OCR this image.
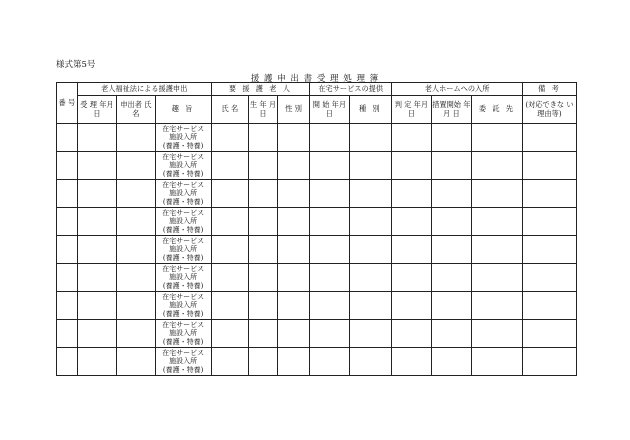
様式第5号
援 護 申 出 書 受 理 処 理 簿
番 号	老人福祉法による援護申出			要 援 護 老 人			在宅サービスの提供		老人ホームへの入所			備 考
	受 理 年月日	申出者 氏 名	趣 旨	氏 名	生 年 月 日	性 別	開 始 年月日	種 別	判 定 年月日	措置開始 年 月 日	委 託 先	(対応できな い理由等)

			在宅サービス
施設入所
(養護・特養)									

			在宅サービス
施設入所
(養護・特養)									

			在宅サービス
施設入所
(養護・特養)									

			在宅サービス
施設入所
(養護・特養)									

			在宅サービス
施設入所
(養護・特養)									

			在宅サービス
施設入所
(養護・特養)									

			在宅サービス
施設入所
(養護・特養)									

			在宅サービス
施設入所
(養護・特養)									

			在宅サービス
施設入所
(養護・特養)									
